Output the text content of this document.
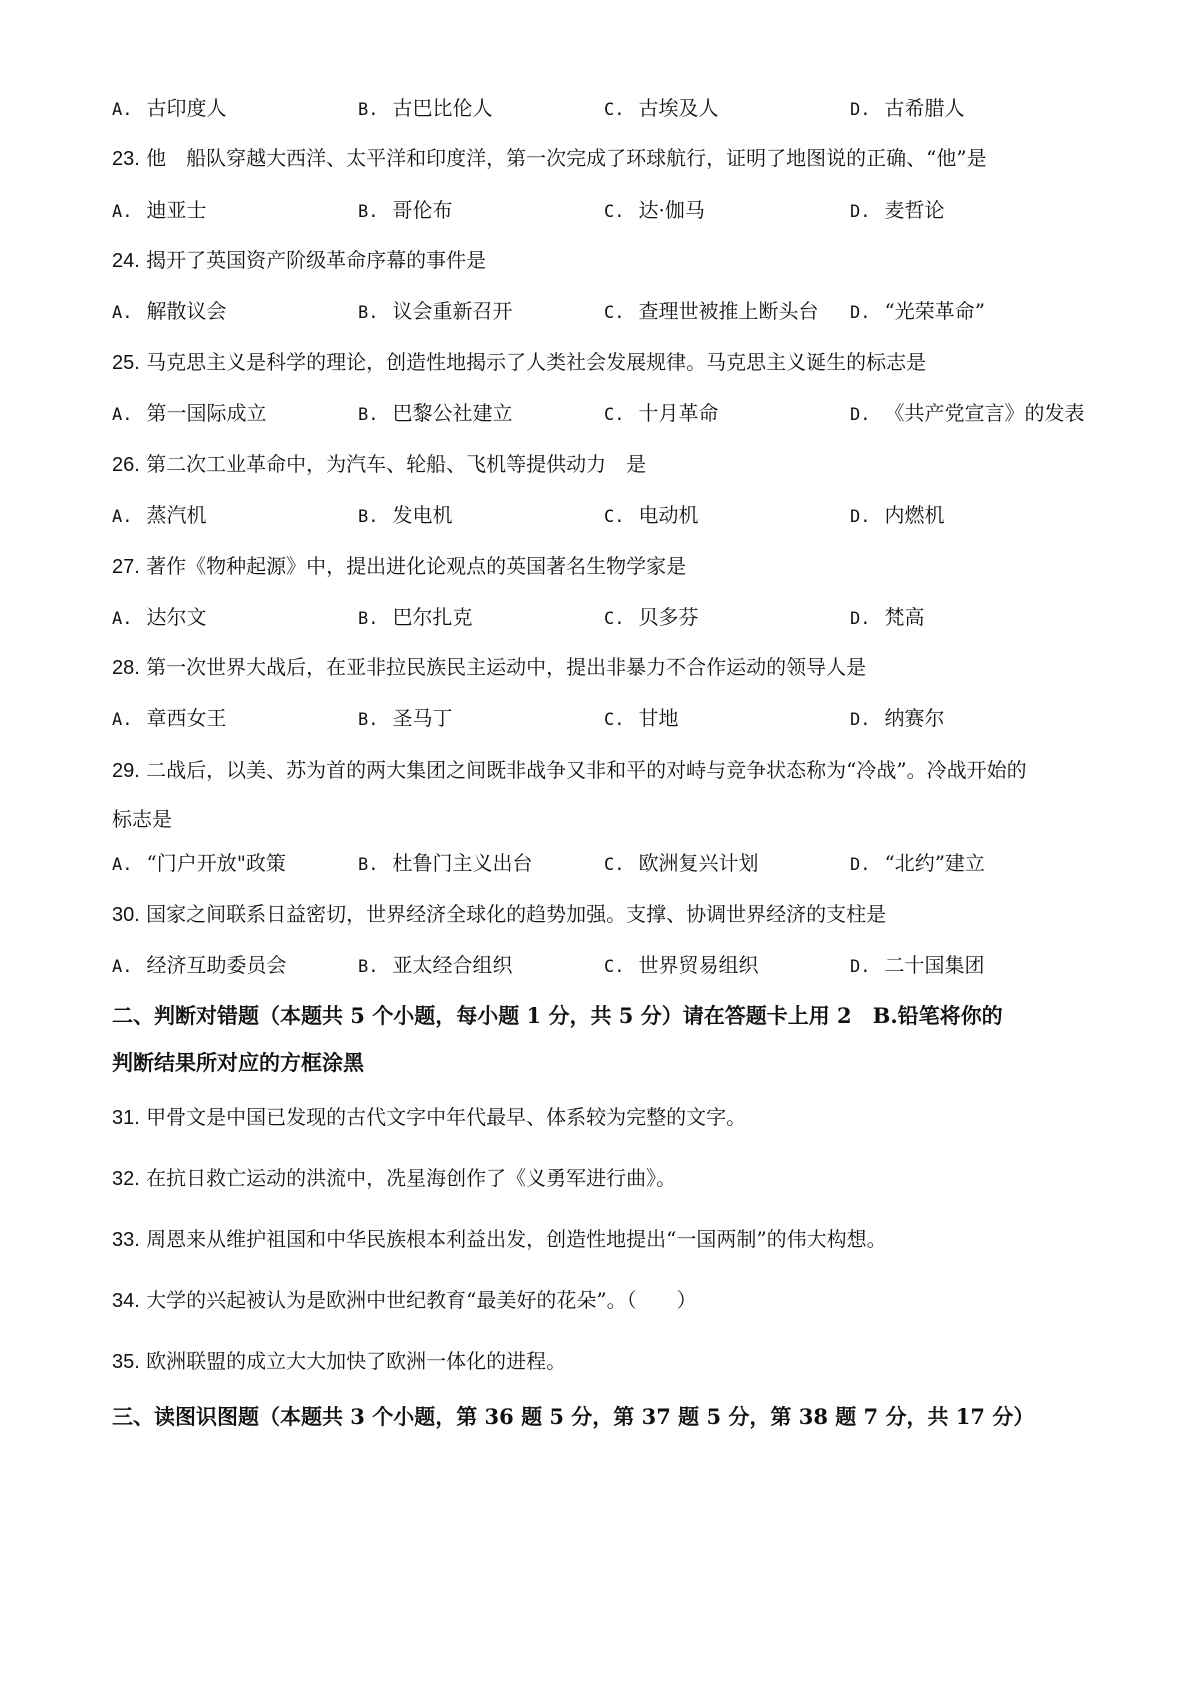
A. 古印度人	B. 古巴比伦人	C. 古埃及人	D. 古希腊人
23. 他　船队穿越大西洋、太平洋和印度洋，第一次完成了环球航行，证明了地图说的正确、“他”是
A. 迪亚士	B. 哥伦布	C. 达·伽马	D. 麦哲论
24. 揭开了英国资产阶级革命序幕的事件是
A. 解散议会	B. 议会重新召开	C. 查理世被推上断头台 D. “光荣革命”
25. 马克思主义是科学的理论，创造性地揭示了人类社会发展规律。马克思主义诞生的标志是
A. 第一国际成立	B. 巴黎公社建立	C. 十月革命	D. 《共产党宣言》的发表
26. 第二次工业革命中，为汽车、轮船、飞机等提供动力　是
A. 蒸汽机	B. 发电机	C. 电动机	D. 内燃机
27. 著作《物种起源》中，提出进化论观点的英国著名生物学家是
A. 达尔文	B. 巴尔扎克	C. 贝多芬	D. 梵高
28. 第一次世界大战后，在亚非拉民族民主运动中，提出非暴力不合作运动的领导人是
A. 章西女王	B. 圣马丁	C. 甘地	D. 纳赛尔
29. 二战后，以美、苏为首的两大集团之间既非战争又非和平的对峙与竞争状态称为“冷战”。冷战开始的
标志是
A. “门户开放"政策	B. 杜鲁门主义出台	C. 欧洲复兴计划	D. “北约”建立
30. 国家之间联系日益密切，世界经济全球化的趋势加强。支撑、协调世界经济的支柱是
A. 经济互助委员会	B. 亚太经合组织	C. 世界贸易组织	D. 二十国集团
二、判断对错题（本题共 5 个小题，每小题 1 分，共 5 分）请在答题卡上用 2　B.铅笔将你的
判断结果所对应的方框涂黑
31. 甲骨文是中国已发现的古代文字中年代最早、体系较为完整的文字。
32. 在抗日救亡运动的洪流中，冼星海创作了《义勇军进行曲》。
33. 周恩来从维护祖国和中华民族根本利益出发，创造性地提出“一国两制”的伟大构想。
34. 大学的兴起被认为是欧洲中世纪教育“最美好的花朵”。（　　）
35. 欧洲联盟的成立大大加快了欧洲一体化的进程。
三、读图识图题（本题共 3 个小题，第 36 题 5 分，第 37 题 5 分，第 38 题 7 分，共 17 分）
